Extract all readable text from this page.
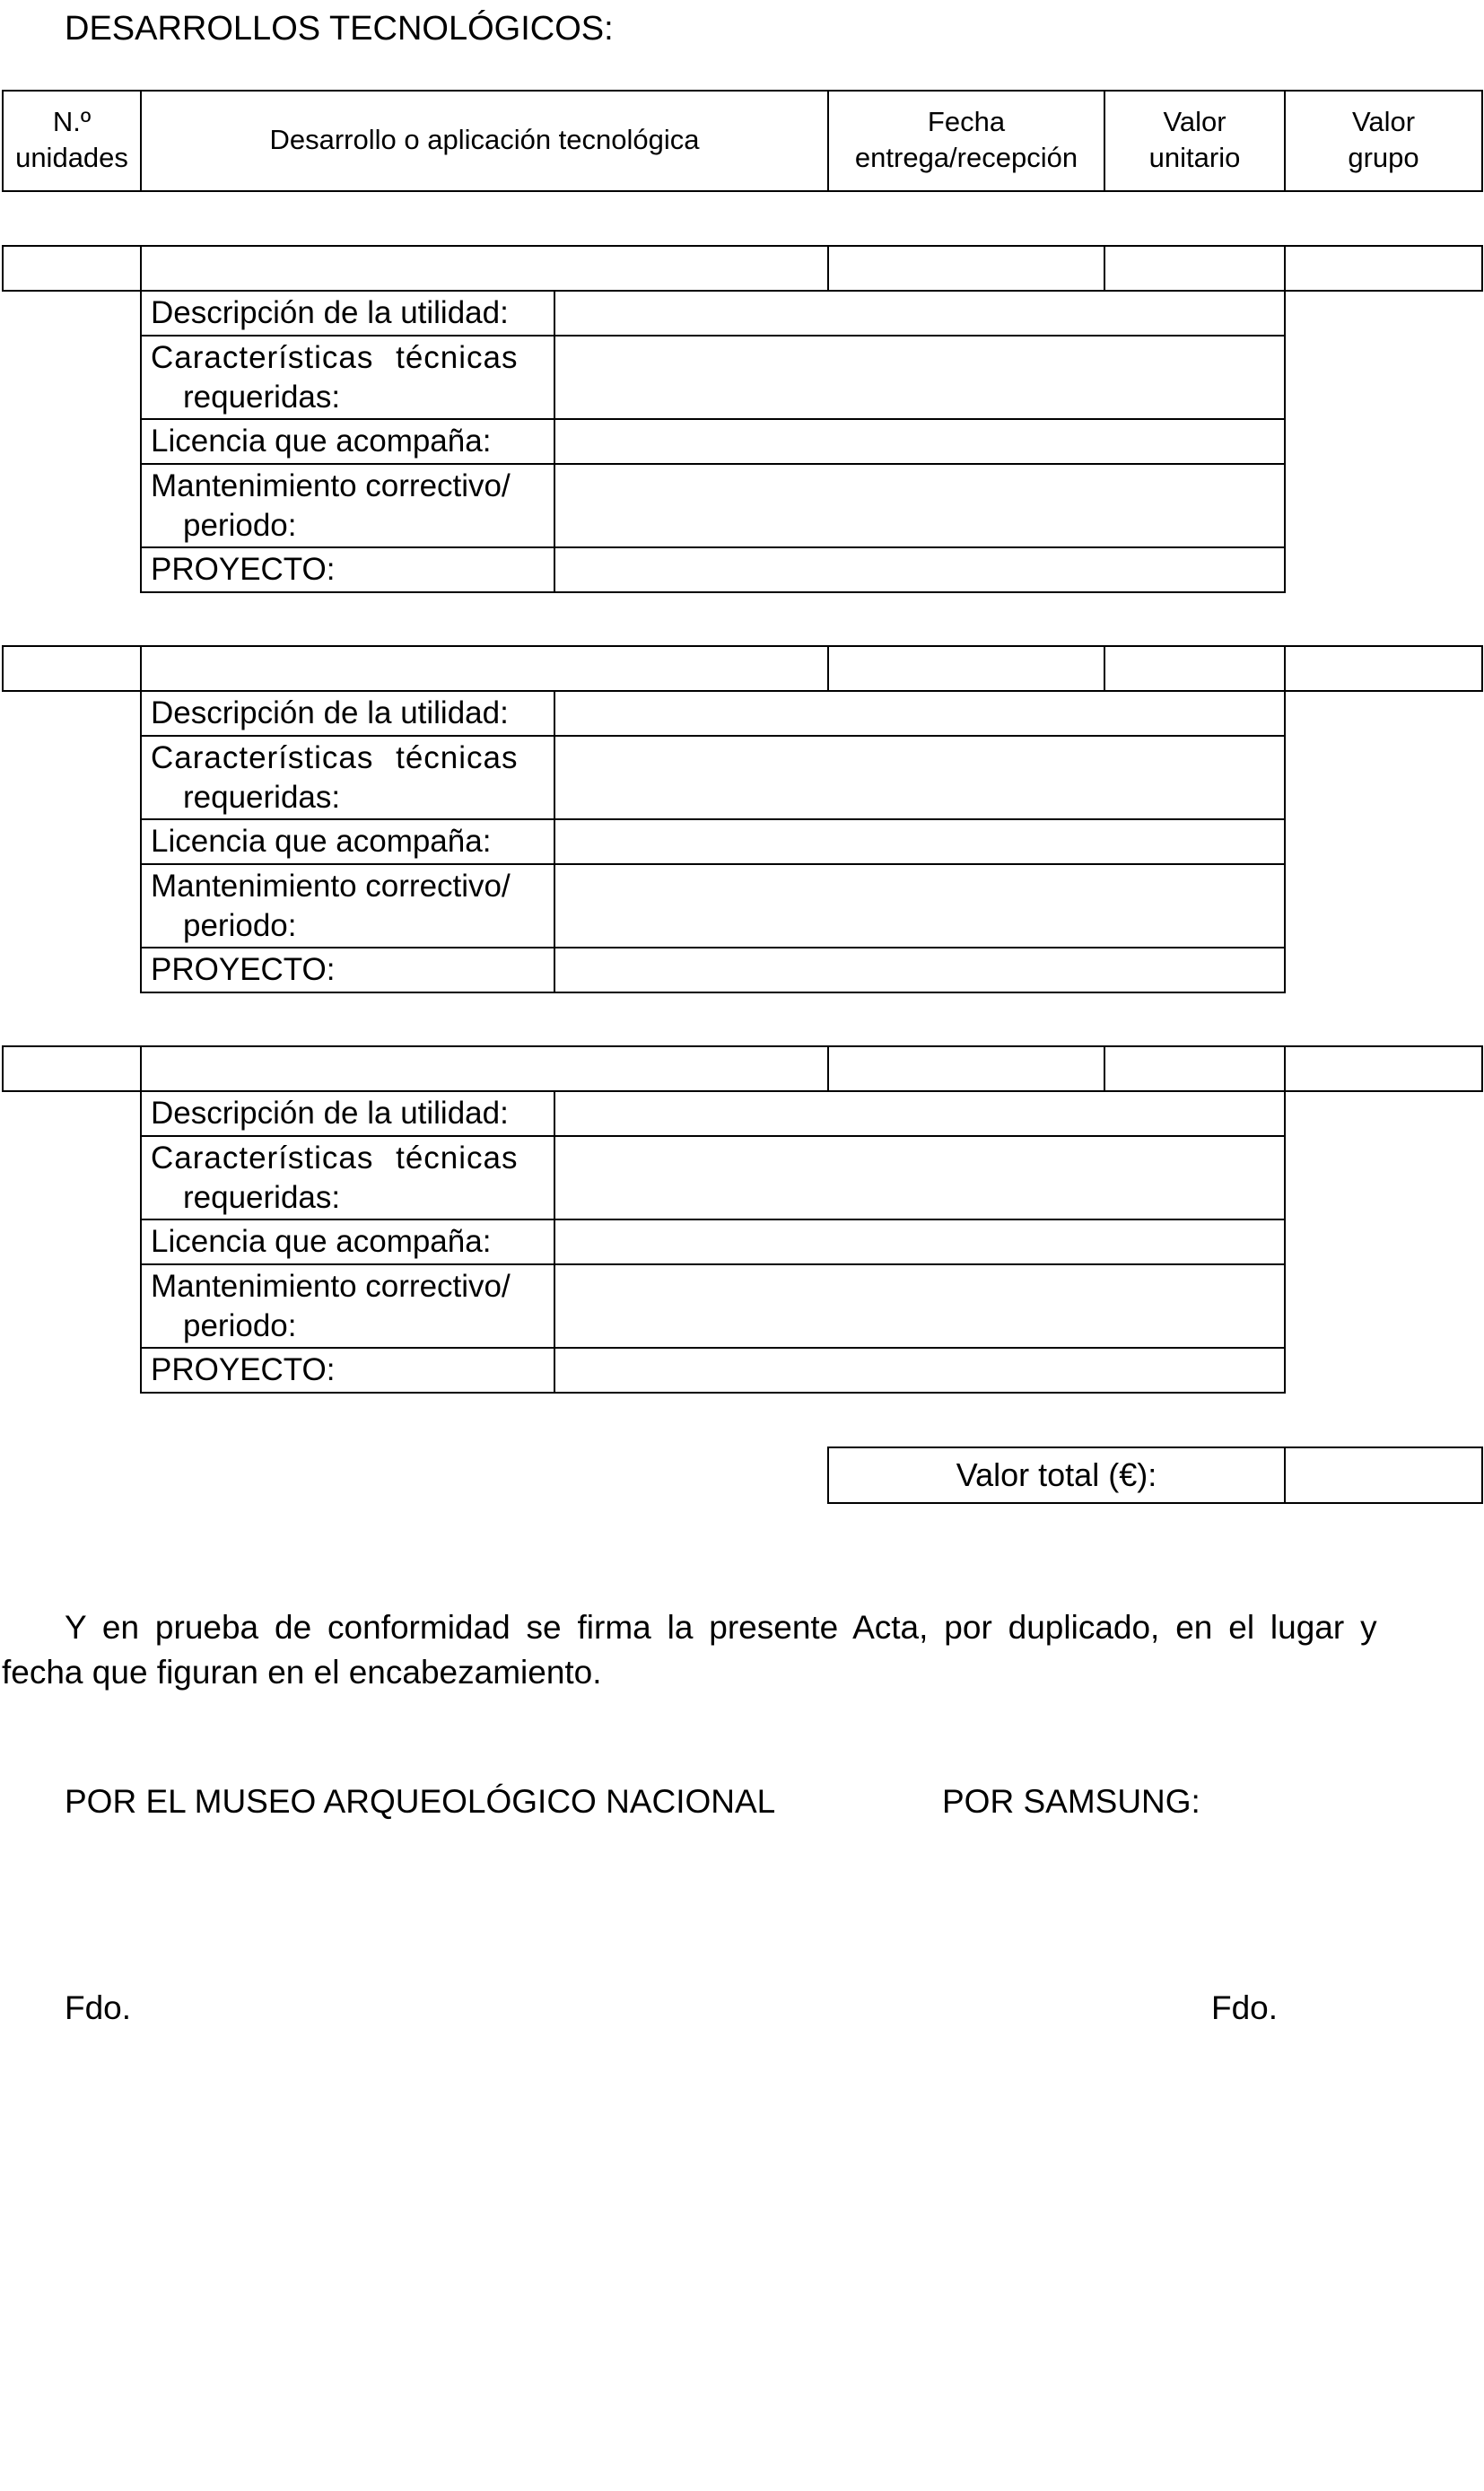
DESARROLLOS TECNOLÓGICOS:
N.º
unidades
Desarrollo o aplicación tecnológica
Fecha
entrega/recepción
Valor
unitario
Valor
grupo
Descripción de la utilidad:
Características técnicas
requeridas:
Licencia que acompaña:
Mantenimiento correctivo/
periodo:
PROYECTO:
Descripción de la utilidad:
Características técnicas
requeridas:
Licencia que acompaña:
Mantenimiento correctivo/
periodo:
PROYECTO:
Descripción de la utilidad:
Características técnicas
requeridas:
Licencia que acompaña:
Mantenimiento correctivo/
periodo:
PROYECTO:
Valor total (€):
Y en prueba de conformidad se firma la presente Acta, por duplicado, en el lugar y
fecha que figuran en el encabezamiento.
POR EL MUSEO ARQUEOLÓGICO NACIONAL	POR SAMSUNG:
Fdo.	Fdo.
